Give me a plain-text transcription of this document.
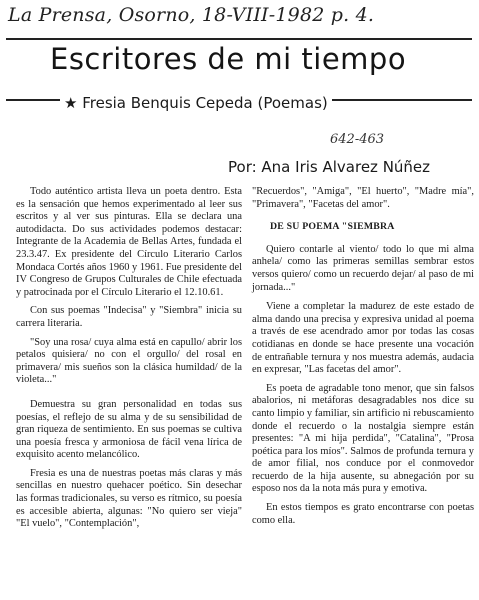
La Prensa, Osorno, 18-VIII-1982 p. 4.
Escritores de mi tiempo
★ Fresia Benquis Cepeda (Poemas)
642-463
Por: Ana Iris Alvarez Núñez

Todo auténtico artista lleva un poeta dentro. Esta es la sensación que hemos experimentado al leer sus escritos y al ver sus pinturas. Ella se declara una autodidacta. Do sus actividades podemos destacar: Integrante de la Academia de Bellas Artes, fundada el 23.3.47. Ex presidente del Círculo Literario Carlos Mondaca Cortés años 1960 y 1961. Fue presidente del IV Congreso de Grupos Culturales de Chile efectuada y patrocinada por el Círculo Literario el 12.10.61.

Con sus poemas "Indecisa" y "Siembra" inicia su carrera literaria.

"Soy una rosa/ cuya alma está en capullo/ abrir los petalos quisiera/ no con el orgullo/ del rosal en primavera/ mis sueños son la clásica humildad/ de la violeta..."

Demuestra su gran personalidad en todas sus poesías, el reflejo de su alma y de su sensibilidad de gran riqueza de sentimiento. En sus poemas se cultiva una poesía fresca y armoniosa de fácil vena lírica de exquisito acento melancólico.

Fresia es una de nuestras poetas más claras y más sencillas en nuestro quehacer poético. Sin desechar las formas tradicionales, su verso es rítmico, su poesía es accesible abierta, algunas: "No quiero ser vieja" "El vuelo", "Contemplación",

"Recuerdos", "Amiga", "El huerto", "Madre mía", "Primavera", "Facetas del amor".

DE SU POEMA "SIEMBRA

Quiero contarle al viento/ todo lo que mi alma anhela/ como las primeras semillas sembrar estos versos quiero/ como un recuerdo dejar/ al paso de mi jornada..."

Viene a completar la madurez de este estado de alma dando una precisa y expresiva unidad al poema a través de ese acendrado amor por todas las cosas cotidianas en donde se hace presente una vocación de entrañable ternura y nos muestra además, audacia en expresar, "Las facetas del amor".

Es poeta de agradable tono menor, que sin falsos abalorios, ni metáforas desagradables nos dice su canto limpio y familiar, sin artificio ni rebuscamiento donde el recuerdo o la nostalgia siempre están presentes: "A mi hija perdida", "Catalina", "Prosa poética para los míos". Salmos de profunda ternura y de amor filial, nos conduce por el conmovedor recuerdo de la hija ausente, su abnegación por su esposo nos da la nota más pura y emotiva.

En estos tiempos es grato encontrarse con poetas como ella.
